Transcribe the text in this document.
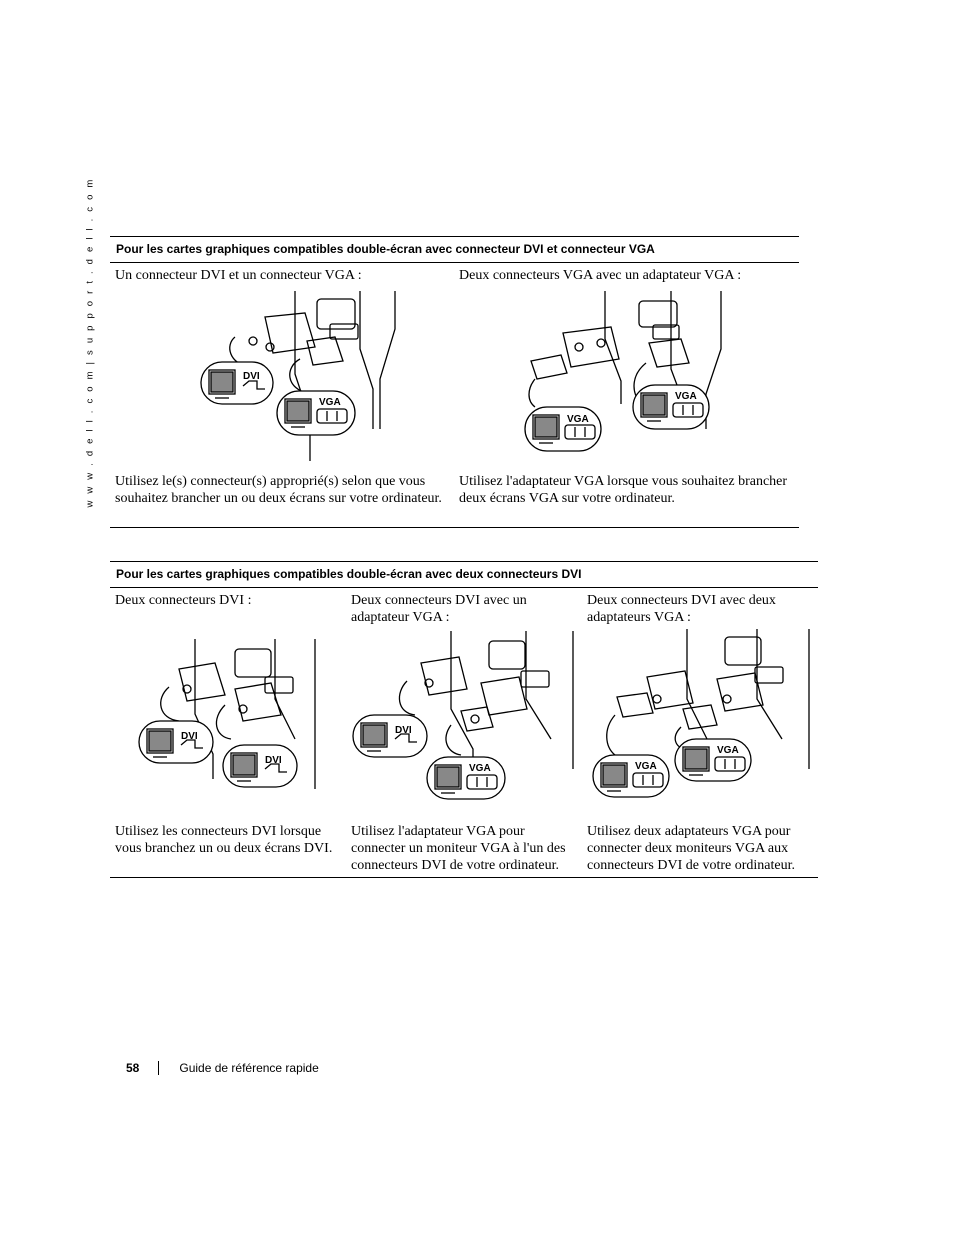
w w w . d e l l . c o m | s u p p o r t . d e l l . c o m	Pour les cartes graphiques compatibles double-écran avec connecteur DVI et connecteur VGA
Un connecteur DVI et un connecteur VGA :
DVI
VGA
Utilisez le(s) connecteur(s) approprié(s) selon que vous souhaitez brancher un ou deux écrans sur votre ordinateur.
Deux connecteurs VGA avec un adaptateur VGA :
VGA
VGA
Utilisez l'adaptateur VGA lorsque vous souhaitez brancher deux écrans VGA sur votre ordinateur.
Pour les cartes graphiques compatibles double-écran avec deux connecteurs DVI
Deux connecteurs DVI :
DVI
DVI
Utilisez les connecteurs DVI lorsque vous branchez un ou deux écrans DVI.
Deux connecteurs DVI avec un adaptateur VGA :
DVI
VGA
Utilisez l'adaptateur VGA pour connecter un moniteur VGA à l'un des connecteurs DVI de votre ordinateur.
Deux connecteurs DVI avec deux adaptateurs VGA :
VGA
VGA
Utilisez deux adaptateurs VGA pour connecter deux moniteurs VGA aux connecteurs DVI de votre ordinateur.
58	Guide de référence rapide
